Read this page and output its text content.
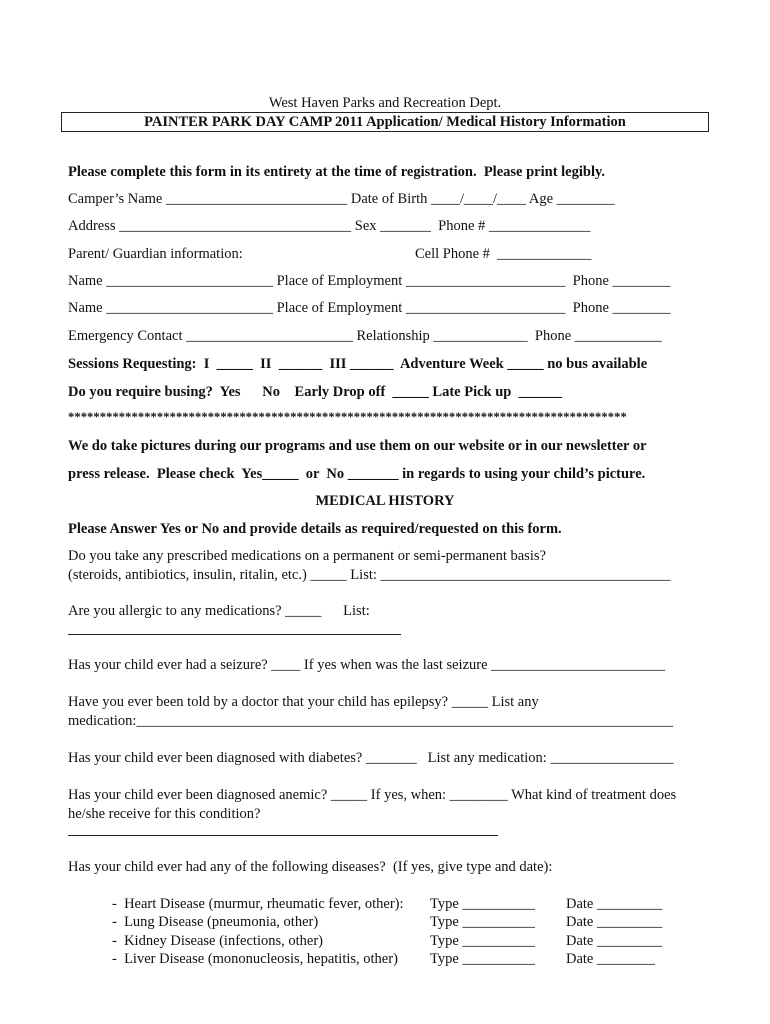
West Haven Parks and Recreation Dept.
PAINTER PARK DAY CAMP 2011 Application/ Medical History Information
Please complete this form in its entirety at the time of registration.  Please print legibly.
Camper’s Name _________________________ Date of Birth ____/____/____ Age ________
Address ________________________________ Sex _______  Phone # ______________
Parent/ Guardian information:	Cell Phone #  _____________
Name _______________________ Place of Employment ______________________  Phone ________
Name _______________________ Place of Employment ______________________  Phone ________
Emergency Contact _______________________ Relationship _____________  Phone ____________
Sessions Requesting:  I  _____  II  ______  III ______  Adventure Week _____ no bus available
Do you require busing?  Yes      No    Early Drop off  _____ Late Pick up  ______
****************************************************************************************
We do take pictures during our programs and use them on our website or in our newsletter or
press release.  Please check  Yes_____  or  No _______ in regards to using your child’s picture.
MEDICAL HISTORY
Please Answer Yes or No and provide details as required/requested on this form.
Do you take any prescribed medications on a permanent or semi-permanent basis?
(steroids, antibiotics, insulin, ritalin, etc.) _____ List: ________________________________________
Are you allergic to any medications? _____      List:
Has your child ever had a seizure? ____ If yes when was the last seizure ________________________
Have you ever been told by a doctor that your child has epilepsy? _____ List any
medication:__________________________________________________________________________
Has your child ever been diagnosed with diabetes? _______   List any medication: _________________
Has your child ever been diagnosed anemic? _____ If yes, when: ________ What kind of treatment does
he/she receive for this condition?
Has your child ever had any of the following diseases?  (If yes, give type and date):
-  Heart Disease (murmur, rheumatic fever, other): Type __________ Date _________
-  Lung Disease (pneumonia, other)	Type __________ Date _________
-  Kidney Disease (infections, other)	Type __________ Date _________
-  Liver Disease (mononucleosis, hepatitis, other) Type __________ Date ________
